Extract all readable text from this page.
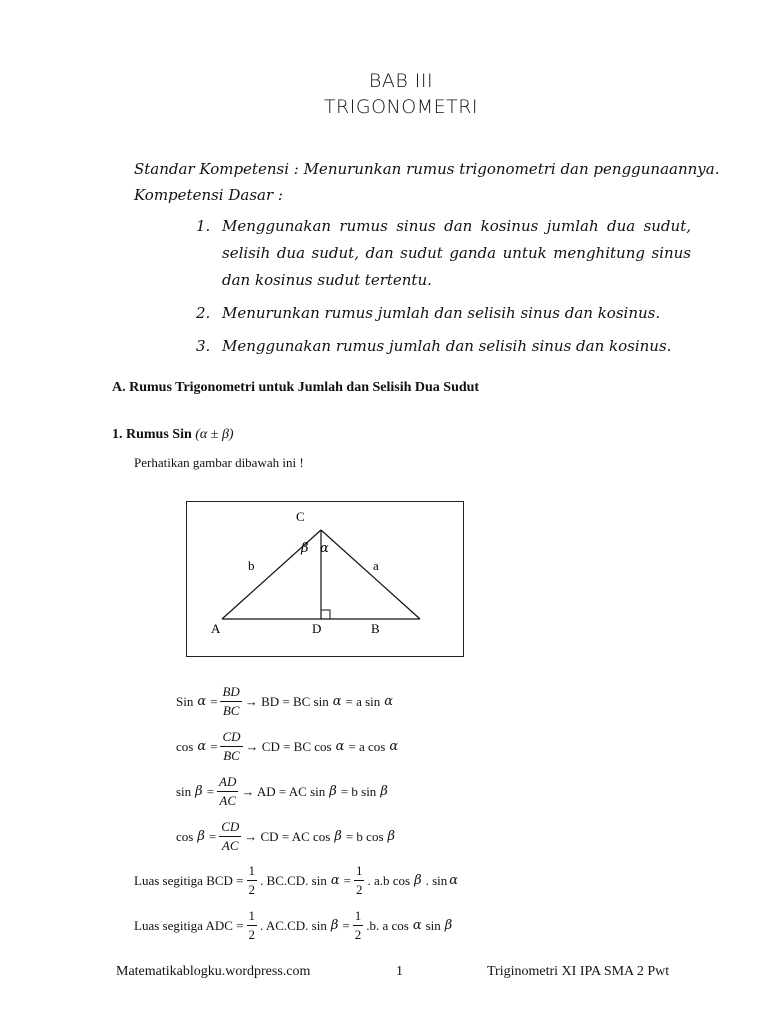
BAB III
TRIGONOMETRI
Standar Kompetensi : Menurunkan rumus trigonometri dan penggunaannya.
Kompetensi Dasar :
1. Menggunakan rumus sinus dan kosinus jumlah dua sudut, selisih dua sudut, dan sudut ganda untuk menghitung sinus dan kosinus sudut tertentu.
2. Menurunkan rumus jumlah dan selisih sinus dan kosinus.
3. Menggunakan rumus jumlah dan selisih sinus dan kosinus.
A. Rumus Trigonometri untuk Jumlah dan Selisih Dua Sudut
1. Rumus Sin (α ± β)
Perhatikan gambar dibawah ini !
C
A	B
D
b	a
β α
Sin $\alpha = \frac{BD}{BC}$ → BD = BC sin α = a sin α
$\cos \alpha = \frac{CD}{BC}$ → CD = BC cos α = a cos α
$\sin \beta = \frac{AD}{AC}$ → AD = AC sin β = b sin β
$\cos \beta = \frac{CD}{AC}$ → CD = AC cos β = b cos β
Luas segitiga BCD = $\frac{1}{2}$ . BC.CD. $\sin \alpha = \frac{1}{2}$ . a.b cos β . sin α
Luas segitiga ADC = $\frac{1}{2}$ . AC.CD. $\sin \beta = \frac{1}{2} .b$. a cos α sin β
Matematikablogku.wordpress.com	1	Triginometri XI IPA SMA 2 Pwt
